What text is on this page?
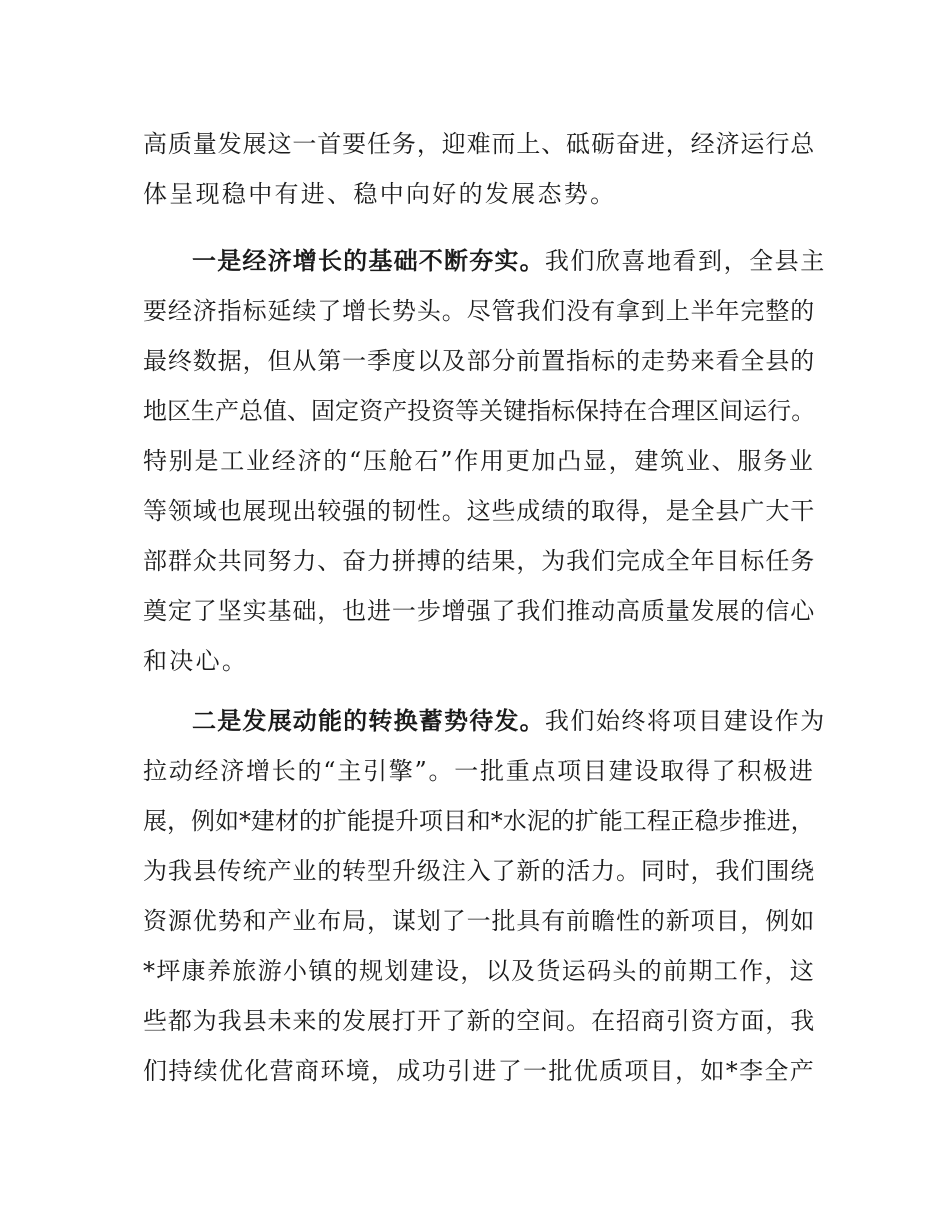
高质量发展这一首要任务，迎难而上、砥砺奋进，经济运行总
体呈现稳中有进、稳中向好的发展态势。
一是经济增长的基础不断夯实。我们欣喜地看到，全县主
要经济指标延续了增长势头。尽管我们没有拿到上半年完整的
最终数据，但从第一季度以及部分前置指标的走势来看全县的
地区生产总值、固定资产投资等关键指标保持在合理区间运行。
特别是工业经济的“压舱石”作用更加凸显，建筑业、服务业
等领域也展现出较强的韧性。这些成绩的取得，是全县广大干
部群众共同努力、奋力拼搏的结果，为我们完成全年目标任务
奠定了坚实基础，也进一步增强了我们推动高质量发展的信心
和决心。
二是发展动能的转换蓄势待发。我们始终将项目建设作为
拉动经济增长的“主引擎”。一批重点项目建设取得了积极进
展，例如*建材的扩能提升项目和*水泥的扩能工程正稳步推进，
为我县传统产业的转型升级注入了新的活力。同时，我们围绕
资源优势和产业布局，谋划了一批具有前瞻性的新项目，例如
*坪康养旅游小镇的规划建设，以及货运码头的前期工作，这
些都为我县未来的发展打开了新的空间。在招商引资方面，我
们持续优化营商环境，成功引进了一批优质项目，如*李全产
